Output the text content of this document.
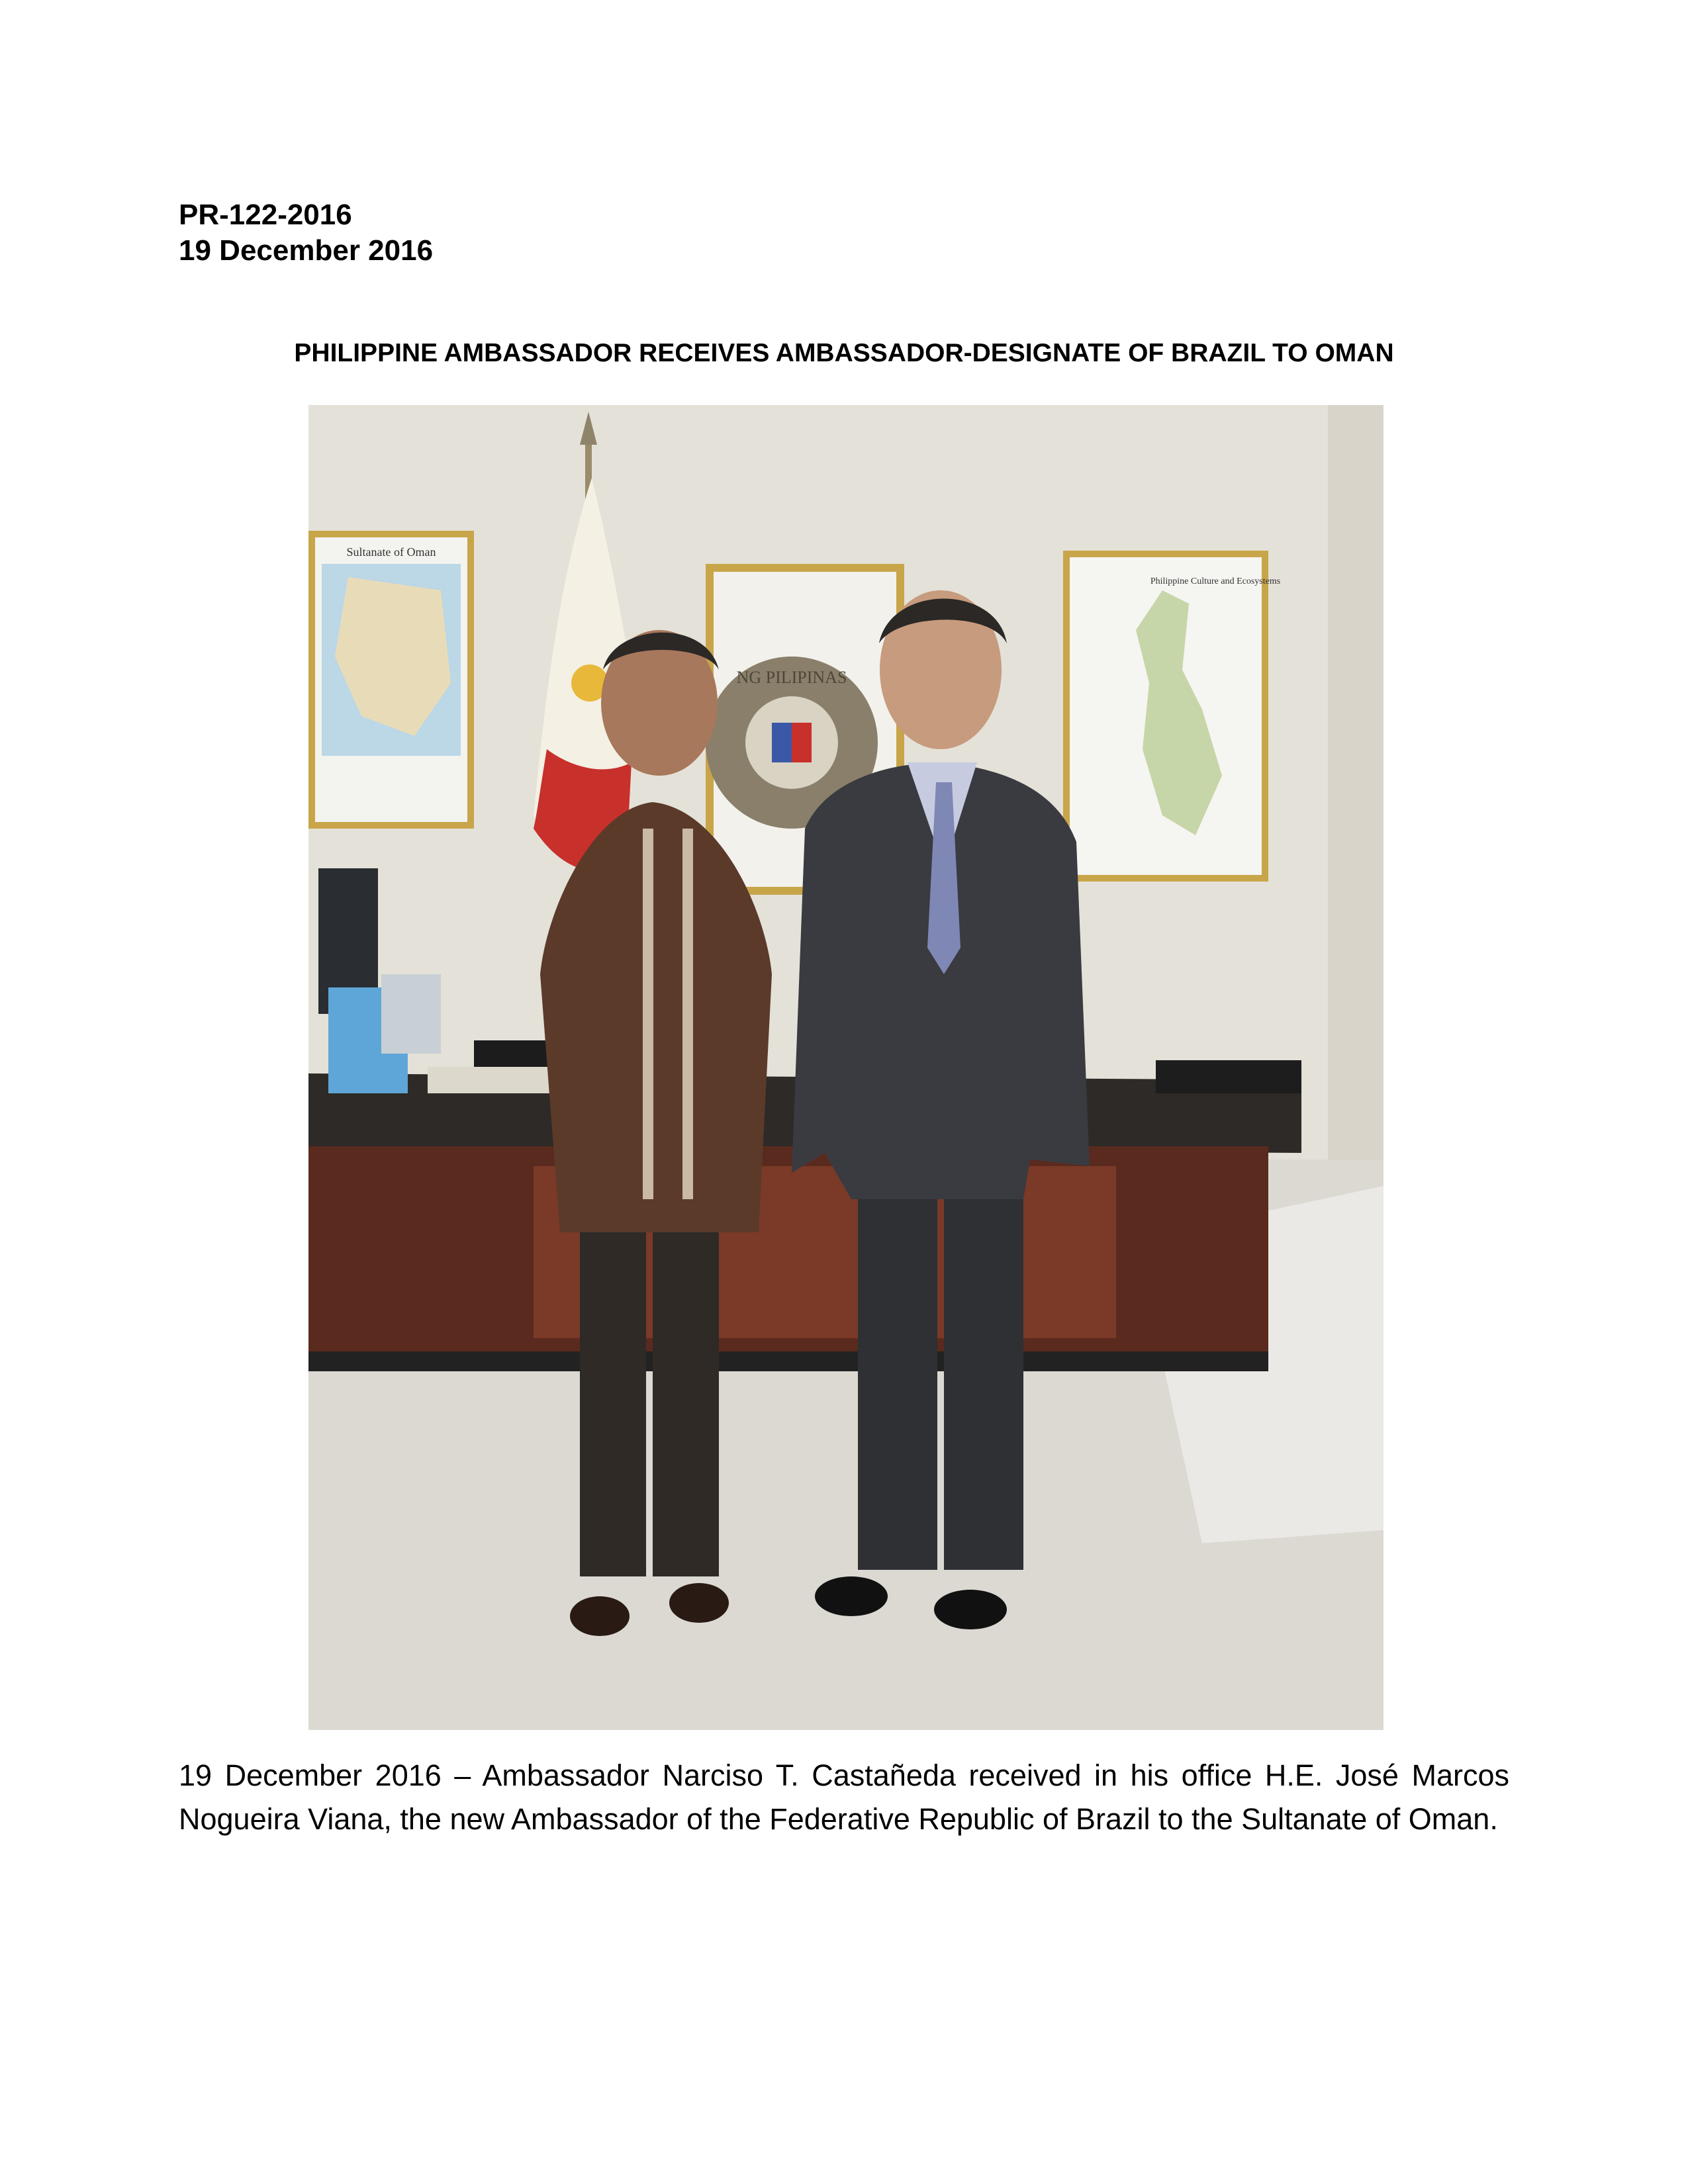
PR-122-2016
19 December 2016
PHILIPPINE AMBASSADOR RECEIVES AMBASSADOR-DESIGNATE OF BRAZIL TO OMAN
Sultanate of Oman
NG PILIPINAS
Philippine Culture and Ecosystems
19 December 2016 – Ambassador Narciso T. Castañeda received in his office H.E. José Marcos Nogueira Viana, the new Ambassador of the Federative Republic of Brazil to the Sultanate of Oman.
